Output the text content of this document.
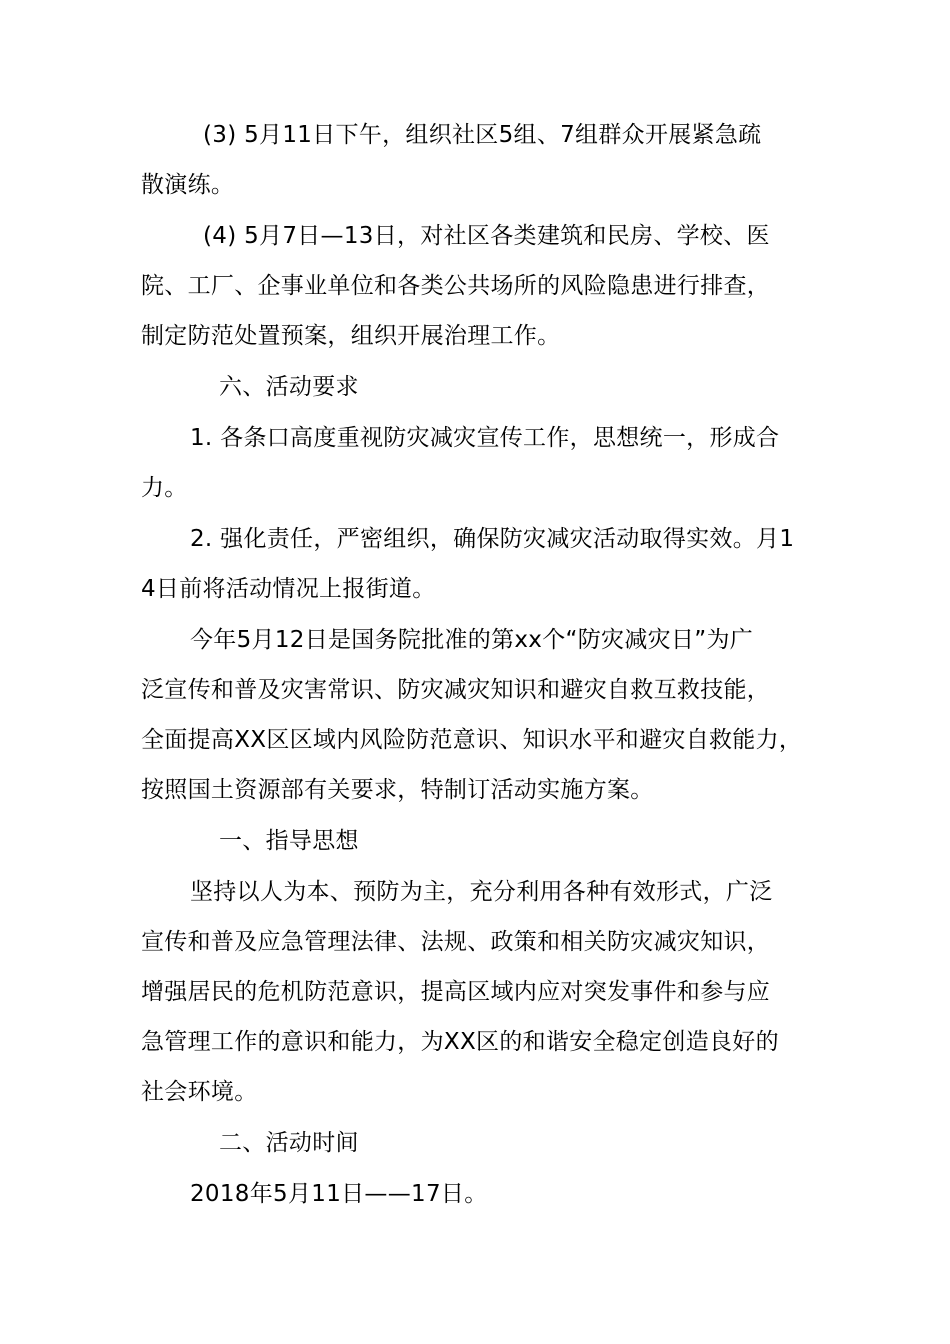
(3) 5月11日下午，组织社区5组、7组群众开展紧急疏
散演练。
(4) 5月7日—13日，对社区各类建筑和民房、学校、医
院、工厂、企事业单位和各类公共场所的风险隐患进行排查，
制定防范处置预案，组织开展治理工作。
六、活动要求
1. 各条口高度重视防灾减灾宣传工作，思想统一，形成合
力。
2. 强化责任，严密组织，确保防灾减灾活动取得实效。月1
4日前将活动情况上报街道。
今年5月12日是国务院批准的第xx个“防灾减灾日”为广
泛宣传和普及灾害常识、防灾减灾知识和避灾自救互救技能，
全面提高XX区区域内风险防范意识、知识水平和避灾自救能力，
按照国土资源部有关要求，特制订活动实施方案。
一、指导思想
坚持以人为本、预防为主，充分利用各种有效形式，广泛
宣传和普及应急管理法律、法规、政策和相关防灾减灾知识，
增强居民的危机防范意识，提高区域内应对突发事件和参与应
急管理工作的意识和能力，为XX区的和谐安全稳定创造良好的
社会环境。
二、活动时间
2018年5月11日——17日。
